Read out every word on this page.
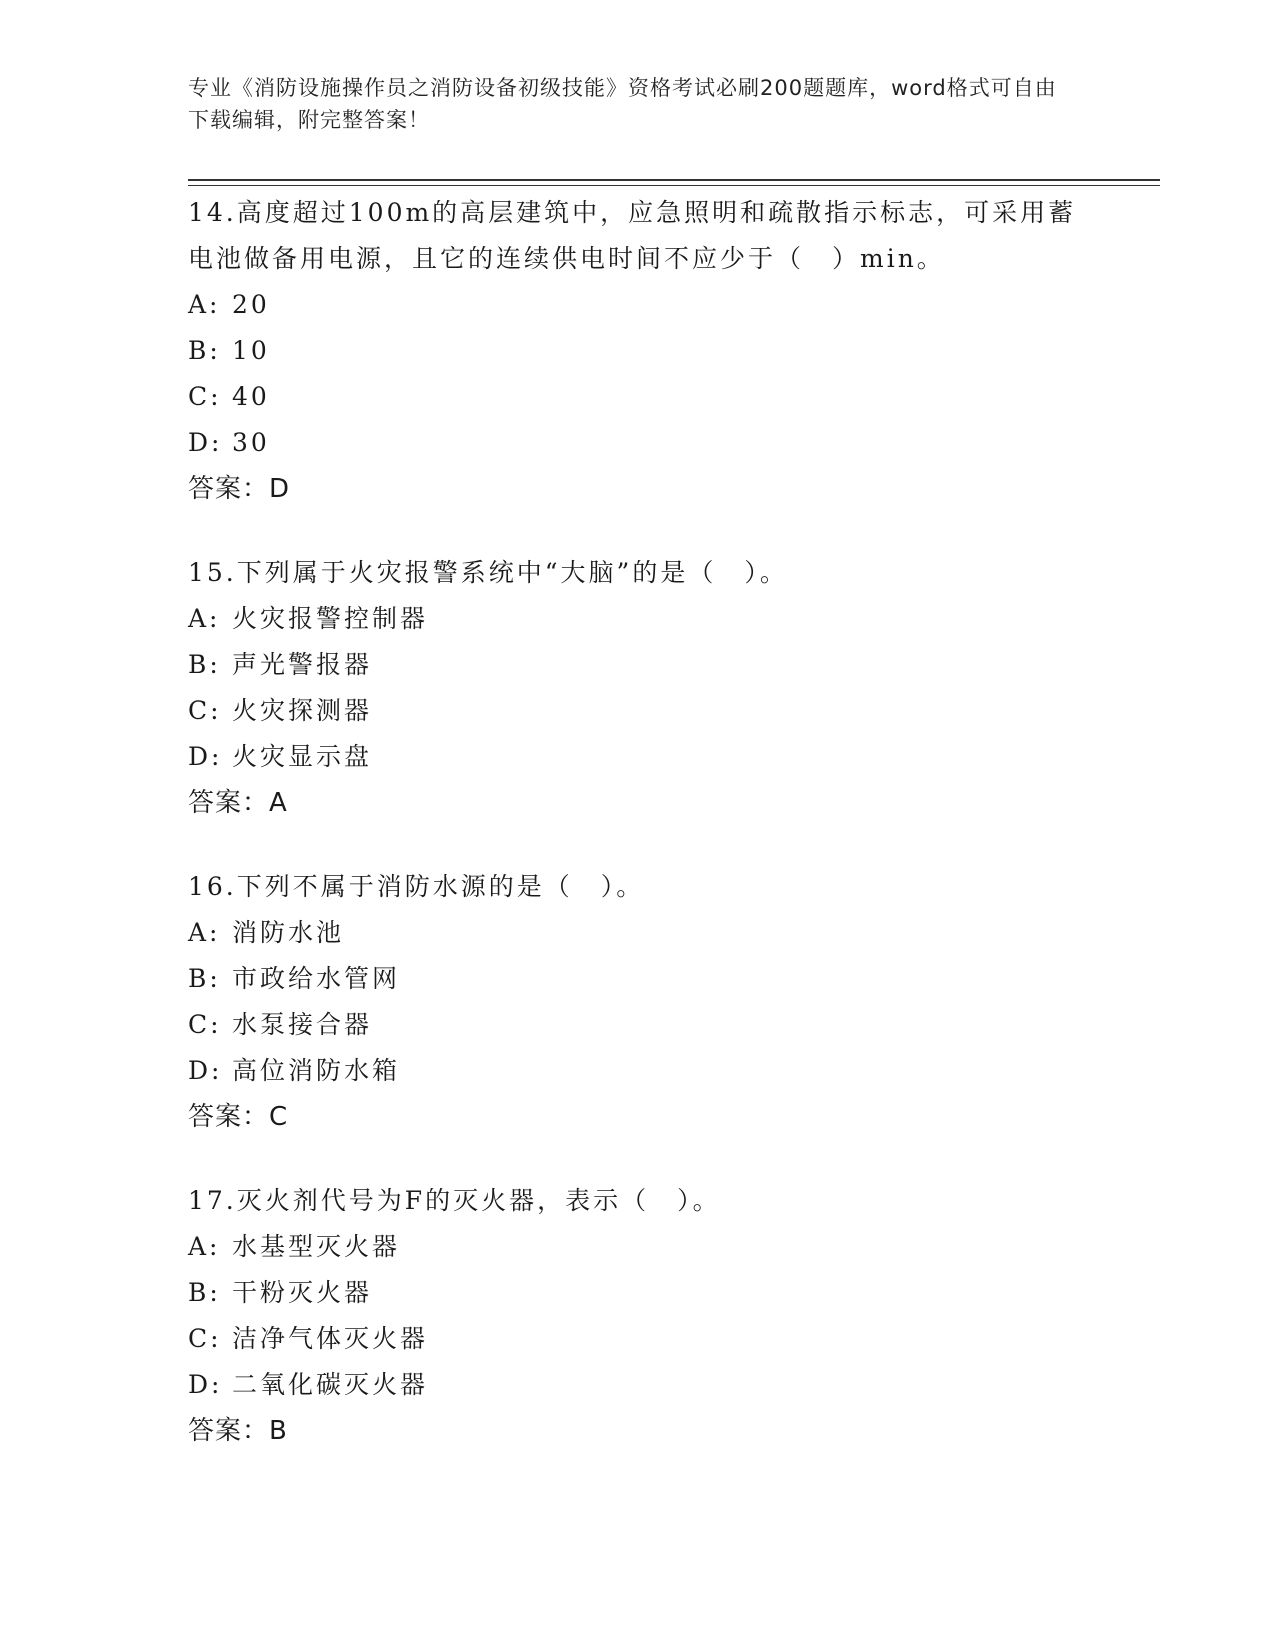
专业《消防设施操作员之消防设备初级技能》资格考试必刷200题题库，word格式可自由下载编辑，附完整答案！
14.高度超过100m的高层建筑中，应急照明和疏散指示标志，可采用蓄电池做备用电源，且它的连续供电时间不应少于（　）min。
A: 20
B: 10
C: 40
D: 30
答案：D
15.下列属于火灾报警系统中“大脑”的是（　）。
A: 火灾报警控制器
B: 声光警报器
C: 火灾探测器
D: 火灾显示盘
答案：A
16.下列不属于消防水源的是（　）。
A: 消防水池
B: 市政给水管网
C: 水泵接合器
D: 高位消防水箱
答案：C
17.灭火剂代号为F的灭火器，表示（　）。
A: 水基型灭火器
B: 干粉灭火器
C: 洁净气体灭火器
D: 二氧化碳灭火器
答案：B
